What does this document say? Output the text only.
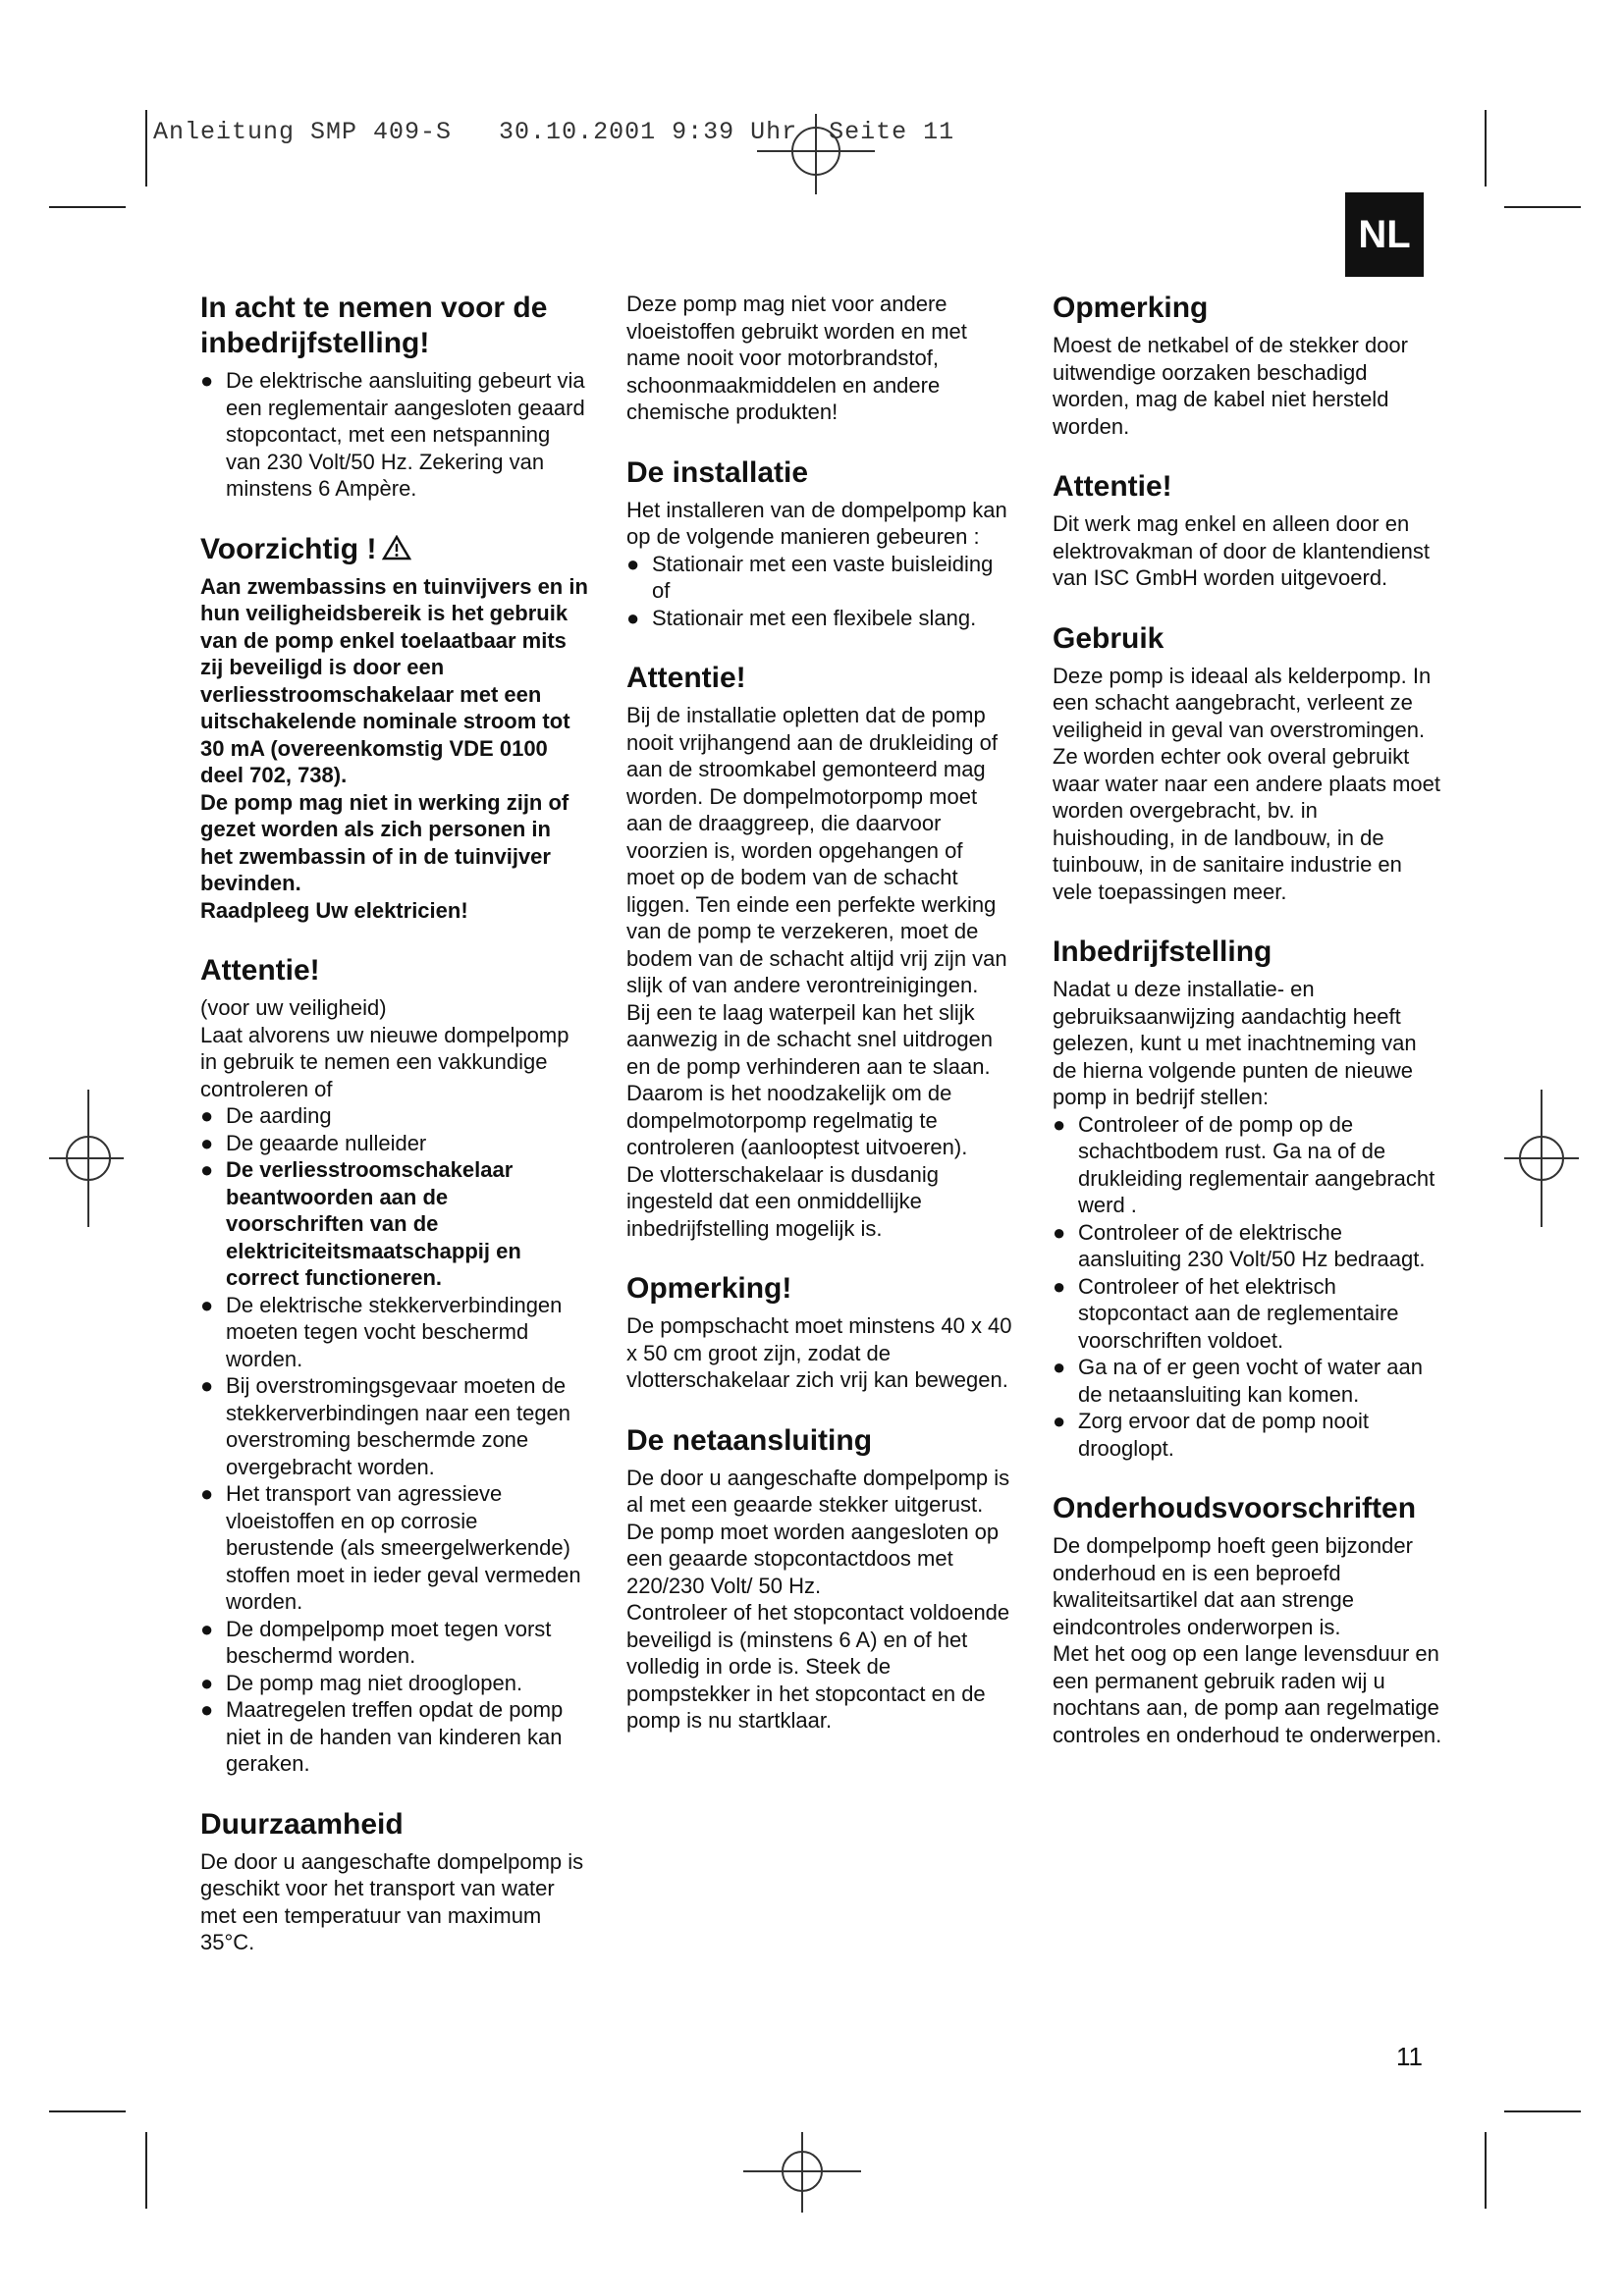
Anleitung SMP 409-S   30.10.2001 9:39 Uhr  Seite 11
NL
In acht te nemen voor de inbedrijfstelling!
● De elektrische aansluiting gebeurt via een reglementair aangesloten geaard stopcontact, met een netspanning van 230 Volt/50 Hz. Zekering van minstens 6 Ampère.
Voorzichtig !

Aan zwembassins en tuinvijvers en in hun veiligheidsbereik is het gebruik van de pomp enkel toelaatbaar mits zij beveiligd is door een verliesstroomschakelaar met een uitschakelende nominale stroom tot 30 mA (overeenkomstig VDE 0100 deel 702, 738).

De pomp mag niet in werking zijn of gezet worden als zich personen in het zwembassin of in de tuinvijver bevinden.

Raadpleeg Uw elektricien!

Attentie!

(voor uw veiligheid)

Laat alvorens uw nieuwe dompelpomp in gebruik te nemen een vakkundige controleren of

● De aarding
● De geaarde nulleider
● De verliesstroomschakelaar beantwoorden aan de voorschriften van de elektriciteitsmaatschappij en correct functioneren.
● De elektrische stekkerverbindingen moeten tegen vocht beschermd worden.
● Bij overstromingsgevaar moeten de stekkerverbindingen naar een tegen overstroming beschermde zone overgebracht worden.
● Het transport van agressieve vloeistoffen en op corrosie berustende (als smeergelwerkende) stoffen moet in ieder geval vermeden worden.
● De dompelpomp moet tegen vorst beschermd worden.
● De pomp mag niet drooglopen.
● Maatregelen treffen opdat de pomp niet in de handen van kinderen kan geraken.
Duurzaamheid

De door u aangeschafte dompelpomp is geschikt voor het transport van water met een temperatuur van maximum 35°C.

Deze pomp mag niet voor andere vloeistoffen gebruikt worden en met name nooit voor motorbrandstof, schoonmaakmiddelen en andere chemische produkten!

De installatie

Het installeren van de dompelpomp kan op de volgende manieren gebeuren :

● Stationair met een vaste buisleiding of
● Stationair met een flexibele slang.
Attentie!

Bij de installatie opletten dat de pomp nooit vrijhangend aan de drukleiding of aan de stroomkabel gemonteerd mag worden. De dompelmotorpomp moet aan de draaggreep, die daarvoor voorzien is, worden opgehangen of moet op de bodem van de schacht liggen. Ten einde een perfekte werking van de pomp te verzekeren, moet de bodem van de schacht altijd vrij zijn van slijk of van andere verontreinigingen.

Bij een te laag waterpeil kan het slijk aanwezig in de schacht snel uitdrogen en de pomp verhinderen aan te slaan. Daarom is het noodzakelijk om de dompelmotorpomp regelmatig te controleren (aanlooptest uitvoeren).

De vlotterschakelaar is dusdanig ingesteld dat een onmiddellijke inbedrijfstelling mogelijk is.

Opmerking!

De pompschacht moet minstens 40 x 40 x 50 cm groot zijn, zodat de vlotterschakelaar zich vrij kan bewegen.

De netaansluiting

De door u aangeschafte dompelpomp is al met een geaarde stekker uitgerust. De pomp moet worden aangesloten op een geaarde stopcontactdoos met 220/230 Volt/ 50 Hz.

Controleer of het stopcontact voldoende beveiligd is (minstens 6 A) en of het volledig in orde is. Steek de pompstekker in het stopcontact en de pomp is nu startklaar.

Opmerking

Moest de netkabel of de stekker door uitwendige oorzaken beschadigd worden, mag de kabel niet hersteld worden.

Attentie!

Dit werk mag enkel en alleen door en elektrovakman of door de klantendienst van ISC GmbH worden uitgevoerd.

Gebruik

Deze pomp is ideaal als kelderpomp. In een schacht aangebracht, verleent ze veiligheid in geval van overstromingen.

Ze worden echter ook overal gebruikt waar water naar een andere plaats moet worden overgebracht, bv. in huishouding, in de landbouw, in de tuinbouw, in de sanitaire industrie en vele toepassingen meer.

Inbedrijfstelling

Nadat u deze installatie- en gebruiksaanwijzing aandachtig heeft gelezen, kunt u met inachtneming van de hierna volgende punten de nieuwe pomp in bedrijf stellen:

● Controleer of de pomp op de schachtbodem rust. Ga na of de drukleiding reglementair aangebracht werd .
● Controleer of de elektrische aansluiting 230 Volt/50 Hz bedraagt.
● Controleer of het elektrisch stopcontact aan de reglementaire voorschriften voldoet.
● Ga na of er geen vocht of water aan de netaansluiting kan komen.
● Zorg ervoor dat de pomp nooit drooglopt.
Onderhoudsvoorschriften

De dompelpomp hoeft geen bijzonder onderhoud en is een beproefd kwaliteitsartikel dat aan strenge eindcontroles onderworpen is.

Met het oog op een lange levensduur en een permanent gebruik raden wij u nochtans aan, de pomp aan regelmatige controles en onderhoud te onderwerpen.

11
